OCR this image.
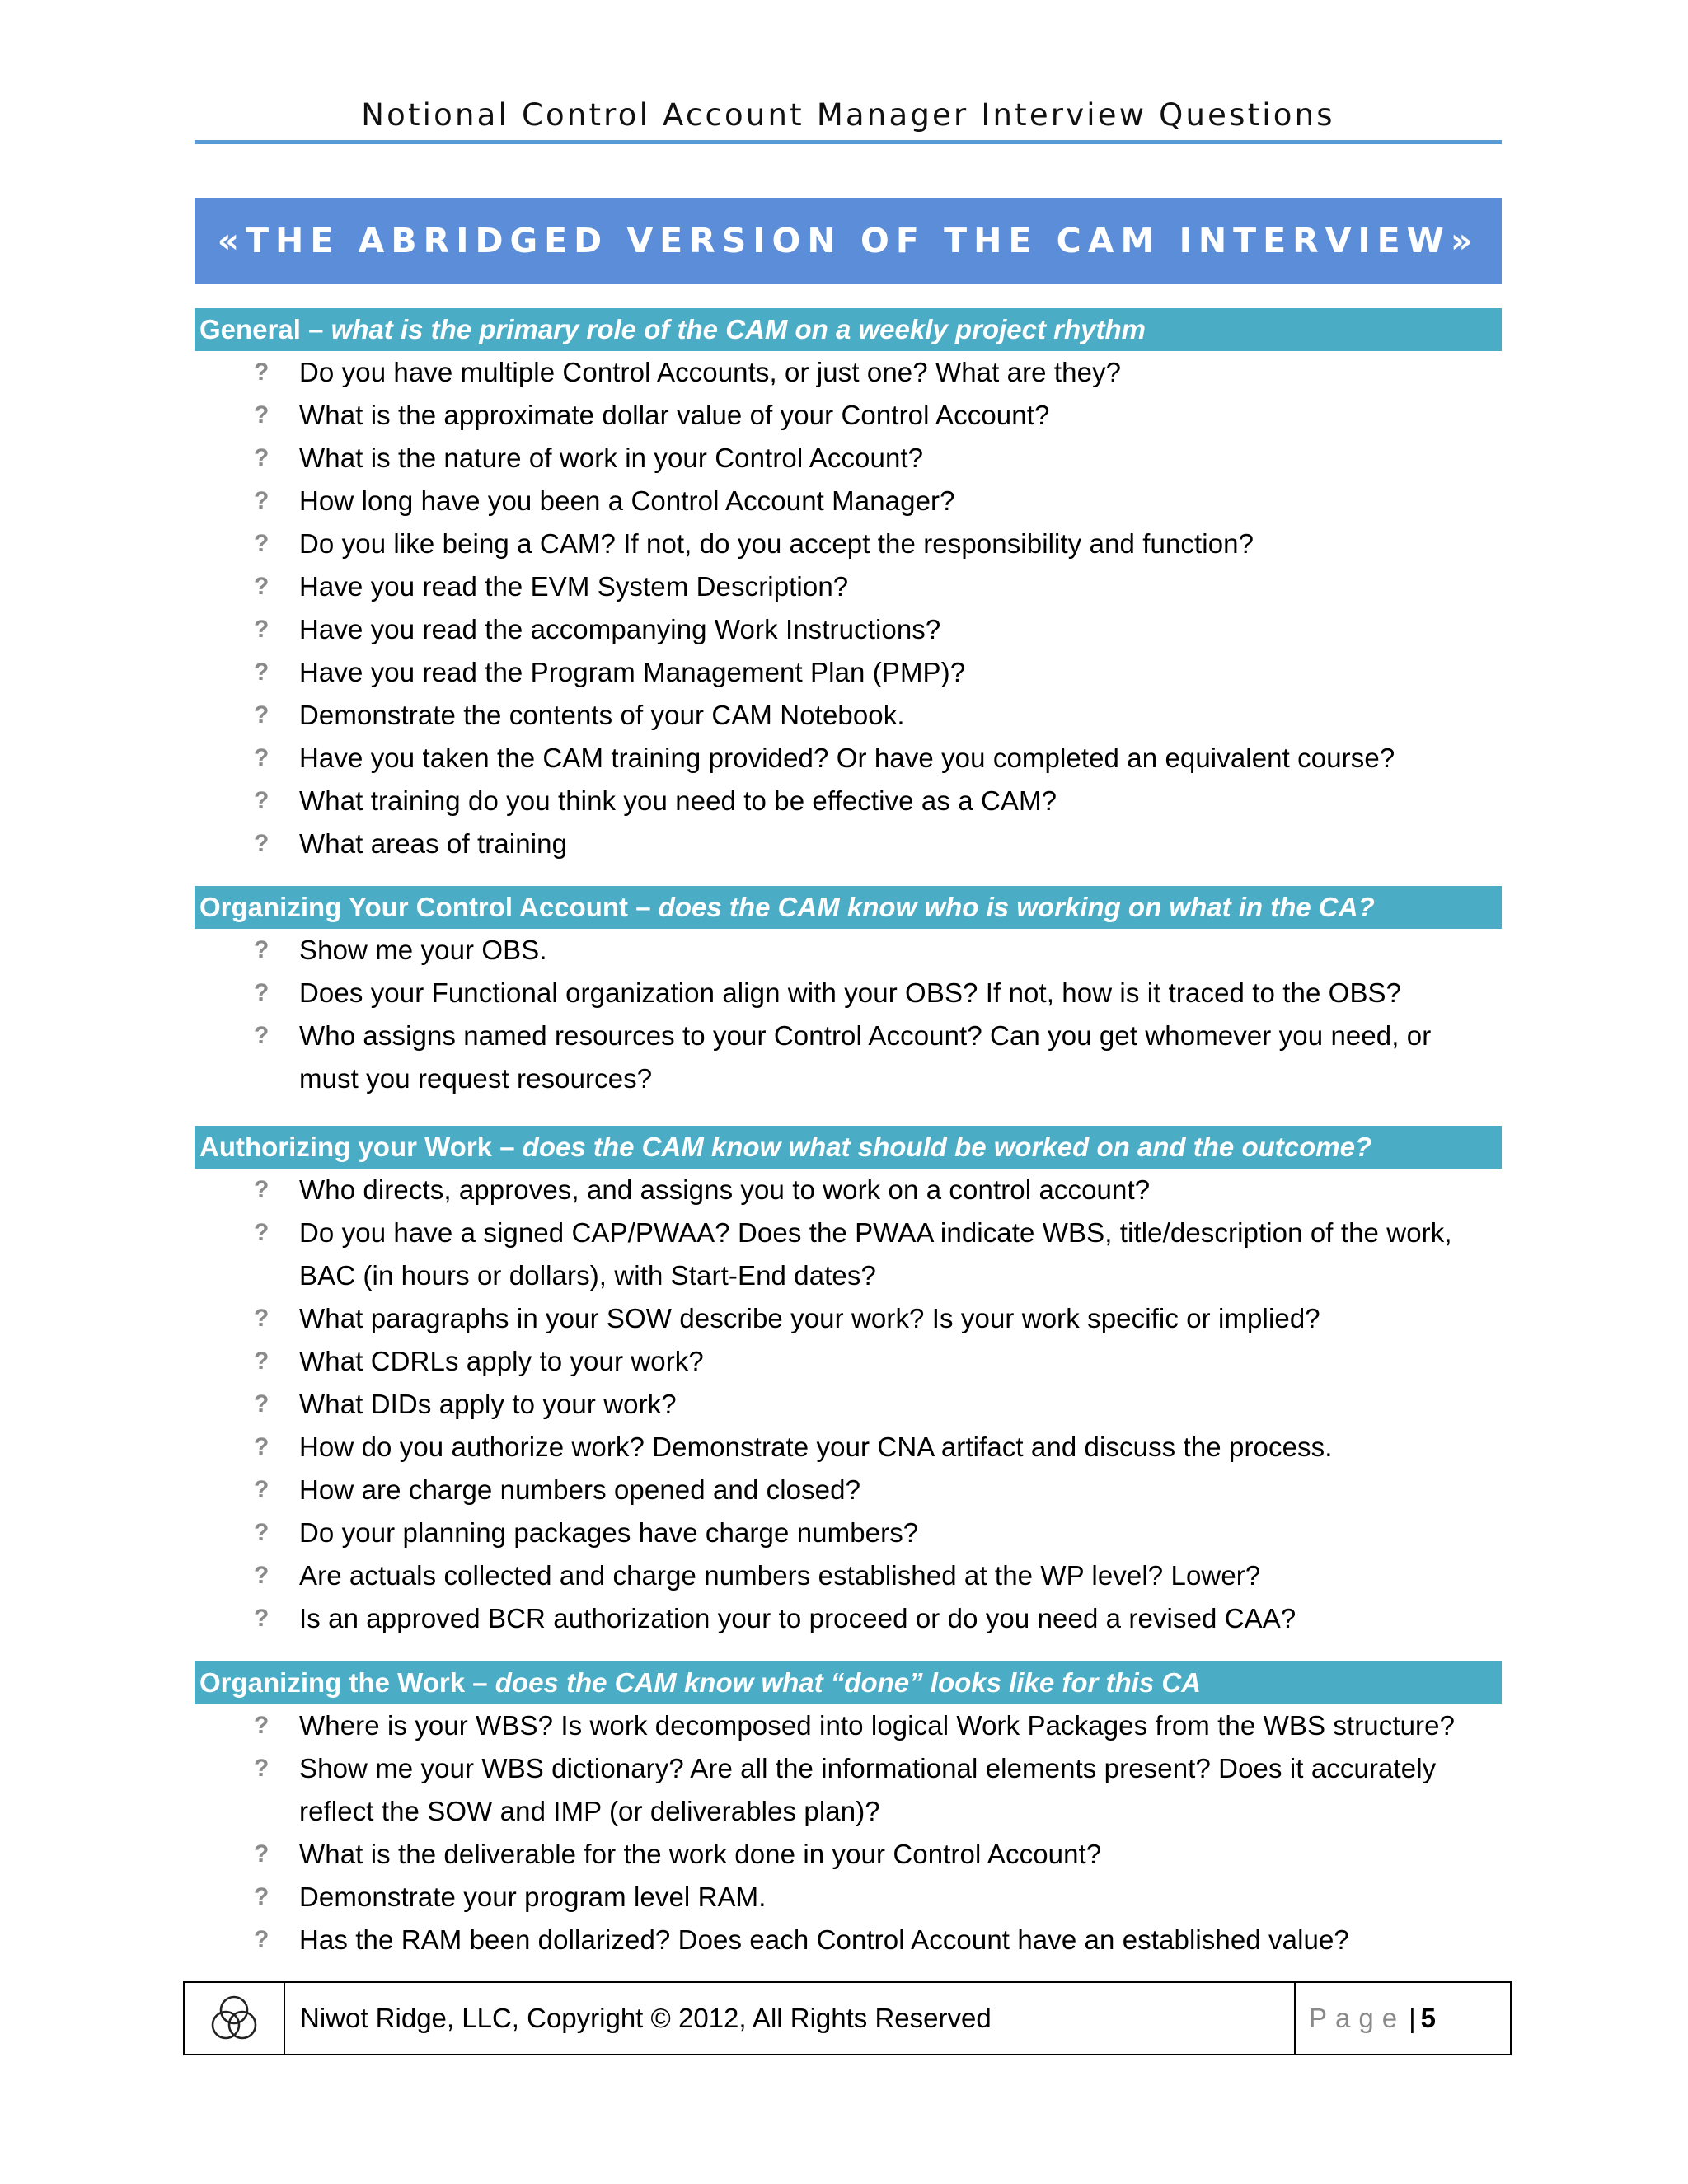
Notional Control Account Manager Interview Questions
«THE ABRIDGED VERSION OF THE CAM INTERVIEW»
General – what is the primary role of the CAM on a weekly project rhythm
? Do you have multiple Control Accounts, or just one? What are they?
? What is the approximate dollar value of your Control Account?
? What is the nature of work in your Control Account?
? How long have you been a Control Account Manager?
? Do you like being a CAM? If not, do you accept the responsibility and function?
? Have you read the EVM System Description?
? Have you read the accompanying Work Instructions?
? Have you read the Program Management Plan (PMP)?
? Demonstrate the contents of your CAM Notebook.
? Have you taken the CAM training provided? Or have you completed an equivalent course?
? What training do you think you need to be effective as a CAM?
? What areas of training
Organizing Your Control Account – does the CAM know who is working on what in the CA?
? Show me your OBS.
? Does your Functional organization align with your OBS? If not, how is it traced to the OBS?
? Who assigns named resources to your Control Account? Can you get whomever you need, or
must you request resources?
Authorizing your Work – does the CAM know what should be worked on and the outcome?
? Who directs, approves, and assigns you to work on a control account?
? Do you have a signed CAP/PWAA? Does the PWAA indicate WBS, title/description of the work,
BAC (in hours or dollars), with Start-End dates?
? What paragraphs in your SOW describe your work? Is your work specific or implied?
? What CDRLs apply to your work?
? What DIDs apply to your work?
? How do you authorize work? Demonstrate your CNA artifact and discuss the process.
? How are charge numbers opened and closed?
? Do your planning packages have charge numbers?
? Are actuals collected and charge numbers established at the WP level? Lower?
? Is an approved BCR authorization your to proceed or do you need a revised CAA?
Organizing the Work – does the CAM know what “done” looks like for this CA
? Where is your WBS? Is work decomposed into logical Work Packages from the WBS structure?
? Show me your WBS dictionary? Are all the informational elements present? Does it accurately
reflect the SOW and IMP (or deliverables plan)?
? What is the deliverable for the work done in your Control Account?
? Demonstrate your program level RAM.
? Has the RAM been dollarized? Does each Control Account have an established value?
Niwot Ridge, LLC, Copyright © 2012, All Rights Reserved	Page | 5
